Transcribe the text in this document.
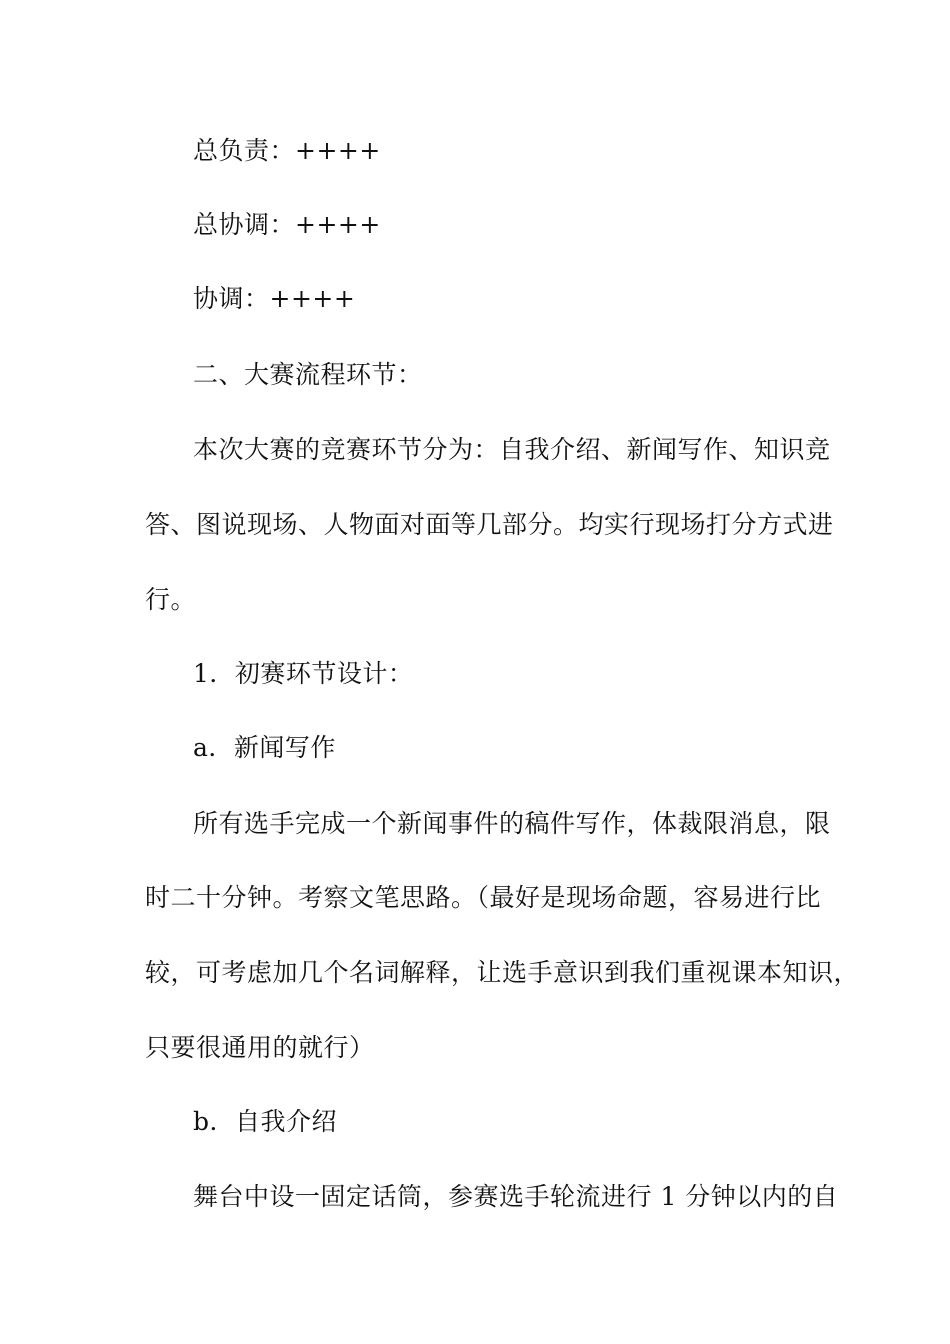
总负责：++++
总协调：++++
协调：++++
二、大赛流程环节：
本次大赛的竞赛环节分为：自我介绍、新闻写作、知识竞
答、图说现场、人物面对面等几部分。均实行现场打分方式进
行。
1．初赛环节设计：
a．新闻写作
所有选手完成一个新闻事件的稿件写作，体裁限消息，限
时二十分钟。考察文笔思路。（最好是现场命题，容易进行比
较，可考虑加几个名词解释，让选手意识到我们重视课本知识，
只要很通用的就行）
b．自我介绍
舞台中设一固定话筒，参赛选手轮流进行 1 分钟以内的自
